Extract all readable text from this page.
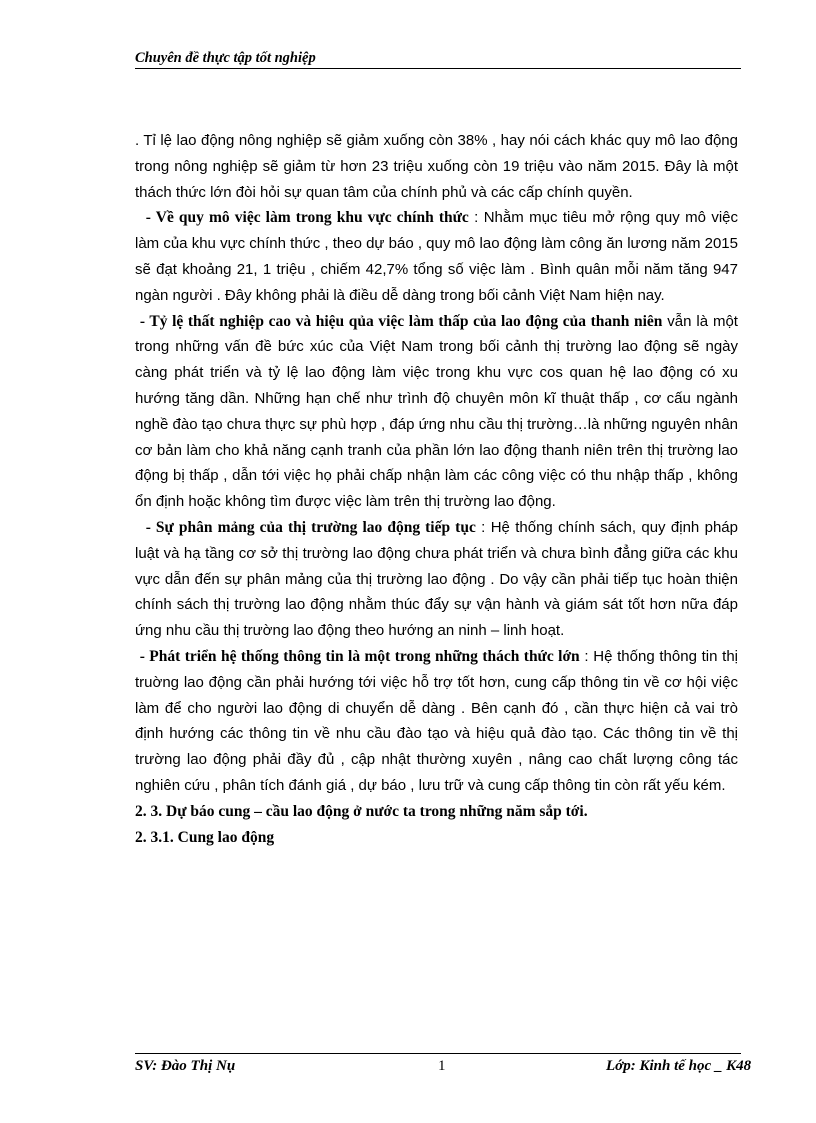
Chuyên đề thực tập tốt nghiệp

. Tỉ lệ lao động nông nghiệp sẽ giảm xuống còn 38% , hay nói cách khác quy mô lao động trong nông nghiệp sẽ giảm từ hơn 23 triệu xuống còn 19 triệu vào năm 2015. Đây là một thách thức lớn đòi hỏi sự quan tâm của chính phủ và các cấp chính quyền.

- Về quy mô việc làm trong khu vực chính thức : Nhằm mục tiêu mở rộng quy mô việc làm của khu vực chính thức , theo dự báo , quy mô lao động làm công ăn lương năm 2015 sẽ đạt khoảng 21, 1 triệu , chiếm 42,7% tổng số việc làm . Bình quân mỗi năm tăng 947 ngàn người . Đây không phải là điều dễ dàng trong bối cảnh Việt Nam hiện nay.

- Tỷ lệ thất nghiệp cao và hiệu qủa việc làm thấp của lao động của thanh niên vẫn là một trong những vấn đề bức xúc của Việt Nam trong bối cảnh thị trường lao động sẽ ngày càng phát triển và tỷ lệ lao động làm việc trong khu vực cos quan hệ lao động có xu hướng tăng dần. Những hạn chế như trình độ chuyên môn kĩ thuật thấp , cơ cấu ngành nghề đào tạo chưa thực sự phù hợp , đáp ứng nhu cầu thị trường…là những nguyên nhân cơ bản làm cho khả năng cạnh tranh của phần lớn lao động thanh niên trên thị trường lao động bị thấp , dẫn tới việc họ phải chấp nhận làm các công việc có thu nhập thấp , không ổn định hoặc không tìm được việc làm trên thị trường lao động.

- Sự phân mảng của thị trường lao động tiếp tục : Hệ thống chính sách, quy định pháp luật và hạ tầng cơ sở thị trường lao động chưa phát triển và chưa bình đẳng giữa các khu vực dẫn đến sự phân mảng của thị trường lao động . Do vậy cần phải tiếp tục hoàn thiện chính sách thị trường lao động nhằm thúc đẩy sự vận hành và giám sát tốt hơn nữa đáp ứng nhu cầu thị trường lao động theo hướng an ninh – linh hoạt.

- Phát triển hệ thống thông tin là một trong những thách thức lớn : Hệ thống thông tin thị truờng lao động cần phải hướng tới việc hỗ trợ tốt hơn, cung cấp thông tin về cơ hội việc làm để cho người lao động di chuyển dễ dàng . Bên cạnh đó , cần thực hiện cả vai trò định hướng các thông tin về nhu cầu đào tạo và hiệu quả đào tạo. Các thông tin về thị trường lao động phải đầy đủ , cập nhật thường xuyên , nâng cao chất lượng công tác nghiên cứu , phân tích đánh giá , dự báo , lưu trữ và cung cấp thông tin còn rất yếu kém.

2. 3. Dự báo cung – cầu lao động ở nước ta trong những năm sắp tới.

2. 3.1. Cung lao động

SV: Đào Thị Nụ	1	Lớp: Kinh tế học _ K48
